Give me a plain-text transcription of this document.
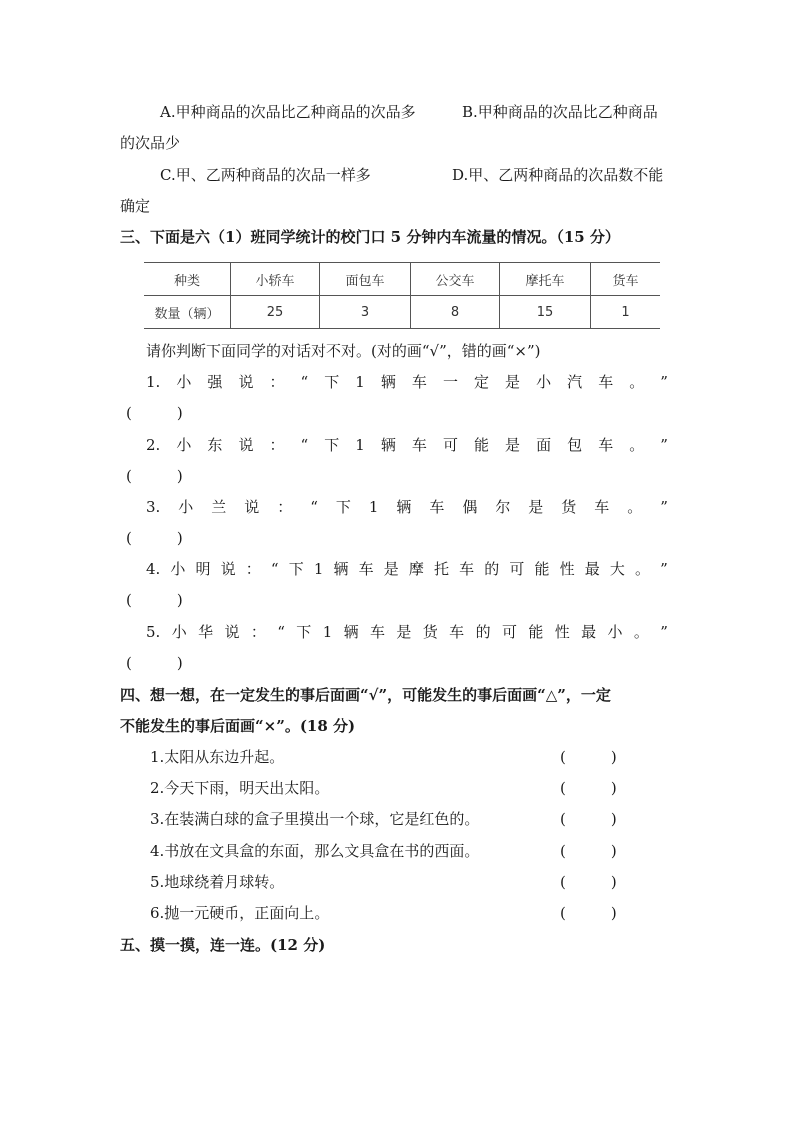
A.甲种商品的次品比乙种商品的次品多	B.甲种商品的次品比乙种商品
的次品少
C.甲、乙两种商品的次品一样多	D.甲、乙两种商品的次品数不能
确定
三、下面是六（1）班同学统计的校门口 5 分钟内车流量的情况。（15 分）
种类	小轿车	面包车	公交车	摩托车	货车
数量（辆）	25	3	8	15	1
请你判断下面同学的对话对不对。(对的画“√”，错的画“×”)
1. 小 强 说 ： “ 下 1 辆 车 一 定 是 小 汽 车 。 ”
(　　　)
2. 小 东 说 ： “ 下 1 辆 车 可 能 是 面 包 车 。 ”
(　　　)
3. 小 兰 说 ： “ 下 1 辆 车 偶 尔 是 货 车 。 ”
(　　　)
4. 小 明 说 ： “ 下 1 辆 车 是 摩 托 车 的 可 能 性 最 大 。 ”
(　　　)
5. 小 华 说 ： “ 下 1 辆 车 是 货 车 的 可 能 性 最 小 。 ”
(　　　)
四、想一想，在一定发生的事后面画“√”，可能发生的事后面画“△”，一定
不能发生的事后面画“×”。(18 分)
1.太阳从东边升起。	(　　　)
2.今天下雨，明天出太阳。	(　　　)
3.在装满白球的盒子里摸出一个球，它是红色的。	(　　　)
4.书放在文具盒的东面，那么文具盒在书的西面。	(　　　)
5.地球绕着月球转。	(　　　)
6.抛一元硬币，正面向上。	(　　　)
五、摸一摸，连一连。(12 分)
